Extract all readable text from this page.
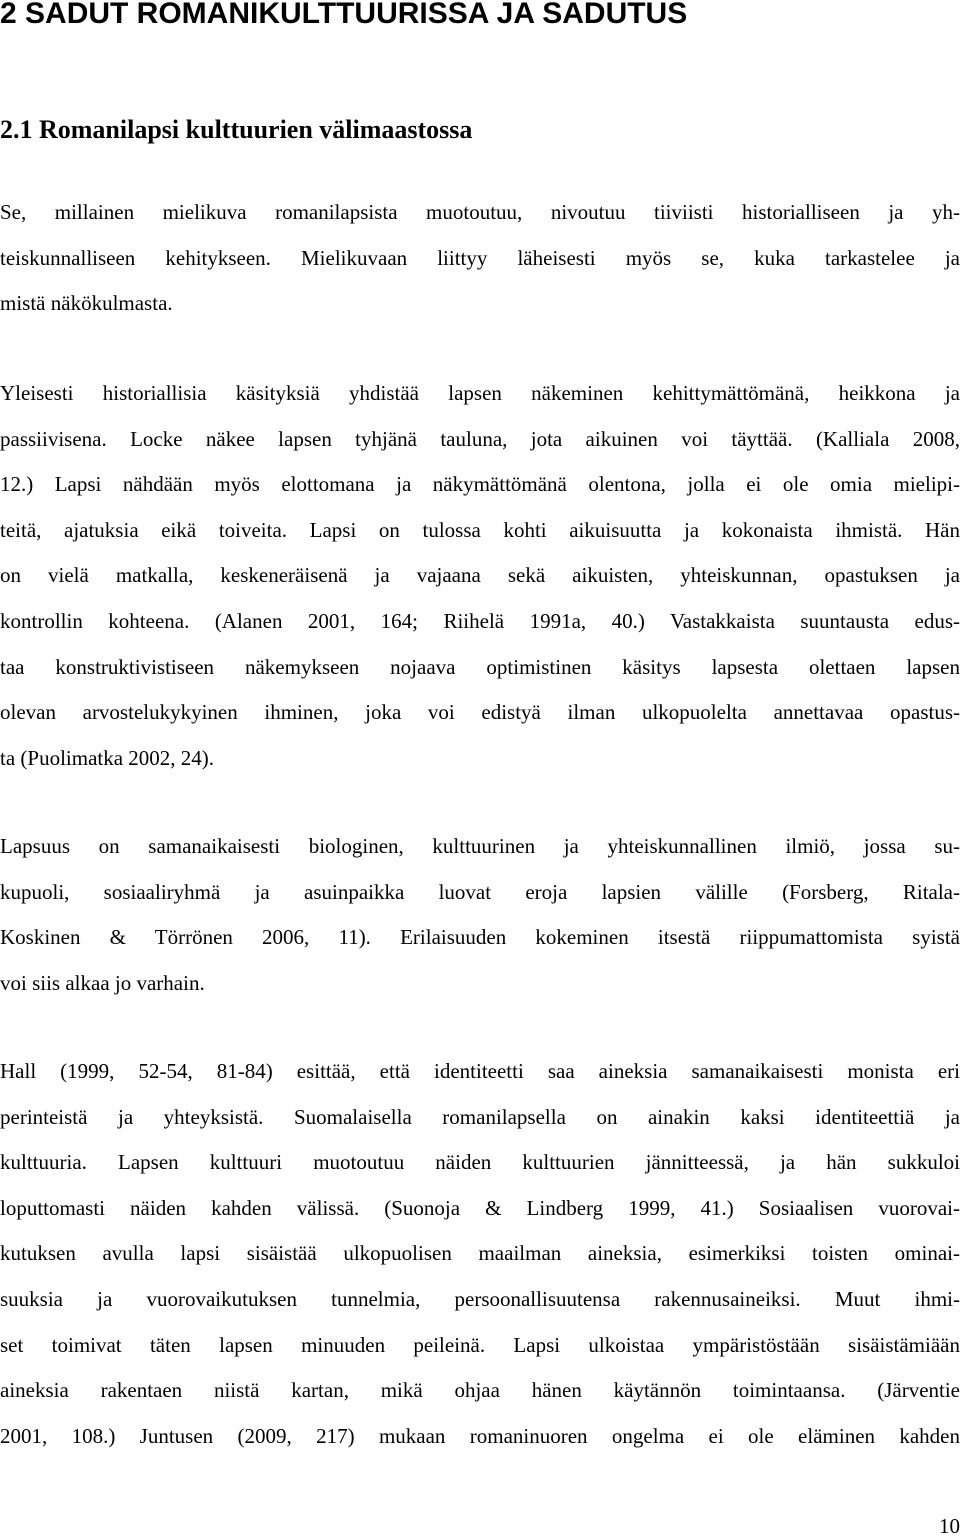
2 SADUT ROMANIKULTTUURISSA JA SADUTUS
2.1 Romanilapsi kulttuurien välimaastossa

Se, millainen mielikuva romanilapsista muotoutuu, nivoutuu tiiviisti historialliseen ja yh-
teiskunnalliseen kehitykseen. Mielikuvaan liittyy läheisesti myös se, kuka tarkastelee ja
mistä näkökulmasta.

Yleisesti historiallisia käsityksiä yhdistää lapsen näkeminen kehittymättömänä, heikkona ja
passiivisena. Locke näkee lapsen tyhjänä tauluna, jota aikuinen voi täyttää. (Kalliala 2008,
12.) Lapsi nähdään myös elottomana ja näkymättömänä olentona, jolla ei ole omia mielipi-
teitä, ajatuksia eikä toiveita. Lapsi on tulossa kohti aikuisuutta ja kokonaista ihmistä. Hän
on vielä matkalla, keskeneräisenä ja vajaana sekä aikuisten, yhteiskunnan, opastuksen ja
kontrollin kohteena. (Alanen 2001, 164; Riihelä 1991a, 40.) Vastakkaista suuntausta edus-
taa konstruktivistiseen näkemykseen nojaava optimistinen käsitys lapsesta olettaen lapsen
olevan arvostelukykyinen ihminen, joka voi edistyä ilman ulkopuolelta annettavaa opastus-
ta (Puolimatka 2002, 24).

Lapsuus on samanaikaisesti biologinen, kulttuurinen ja yhteiskunnallinen ilmiö, jossa su-
kupuoli, sosiaaliryhmä ja asuinpaikka luovat eroja lapsien välille (Forsberg, Ritala-
Koskinen & Törrönen 2006, 11). Erilaisuuden kokeminen itsestä riippumattomista syistä
voi siis alkaa jo varhain.

Hall (1999, 52-54, 81-84) esittää, että identiteetti saa aineksia samanaikaisesti monista eri
perinteistä ja yhteyksistä. Suomalaisella romanilapsella on ainakin kaksi identiteettiä ja
kulttuuria. Lapsen kulttuuri muotoutuu näiden kulttuurien jännitteessä, ja hän sukkuloi
loputtomasti näiden kahden välissä. (Suonoja & Lindberg 1999, 41.) Sosiaalisen vuorovai-
kutuksen avulla lapsi sisäistää ulkopuolisen maailman aineksia, esimerkiksi toisten ominai-
suuksia ja vuorovaikutuksen tunnelmia, persoonallisuutensa rakennusaineiksi. Muut ihmi-
set toimivat täten lapsen minuuden peileinä. Lapsi ulkoistaa ympäristöstään sisäistämiään
aineksia rakentaen niistä kartan, mikä ohjaa hänen käytännön toimintaansa. (Järventie
2001, 108.) Juntusen (2009, 217) mukaan romaninuoren ongelma ei ole eläminen kahden

10
